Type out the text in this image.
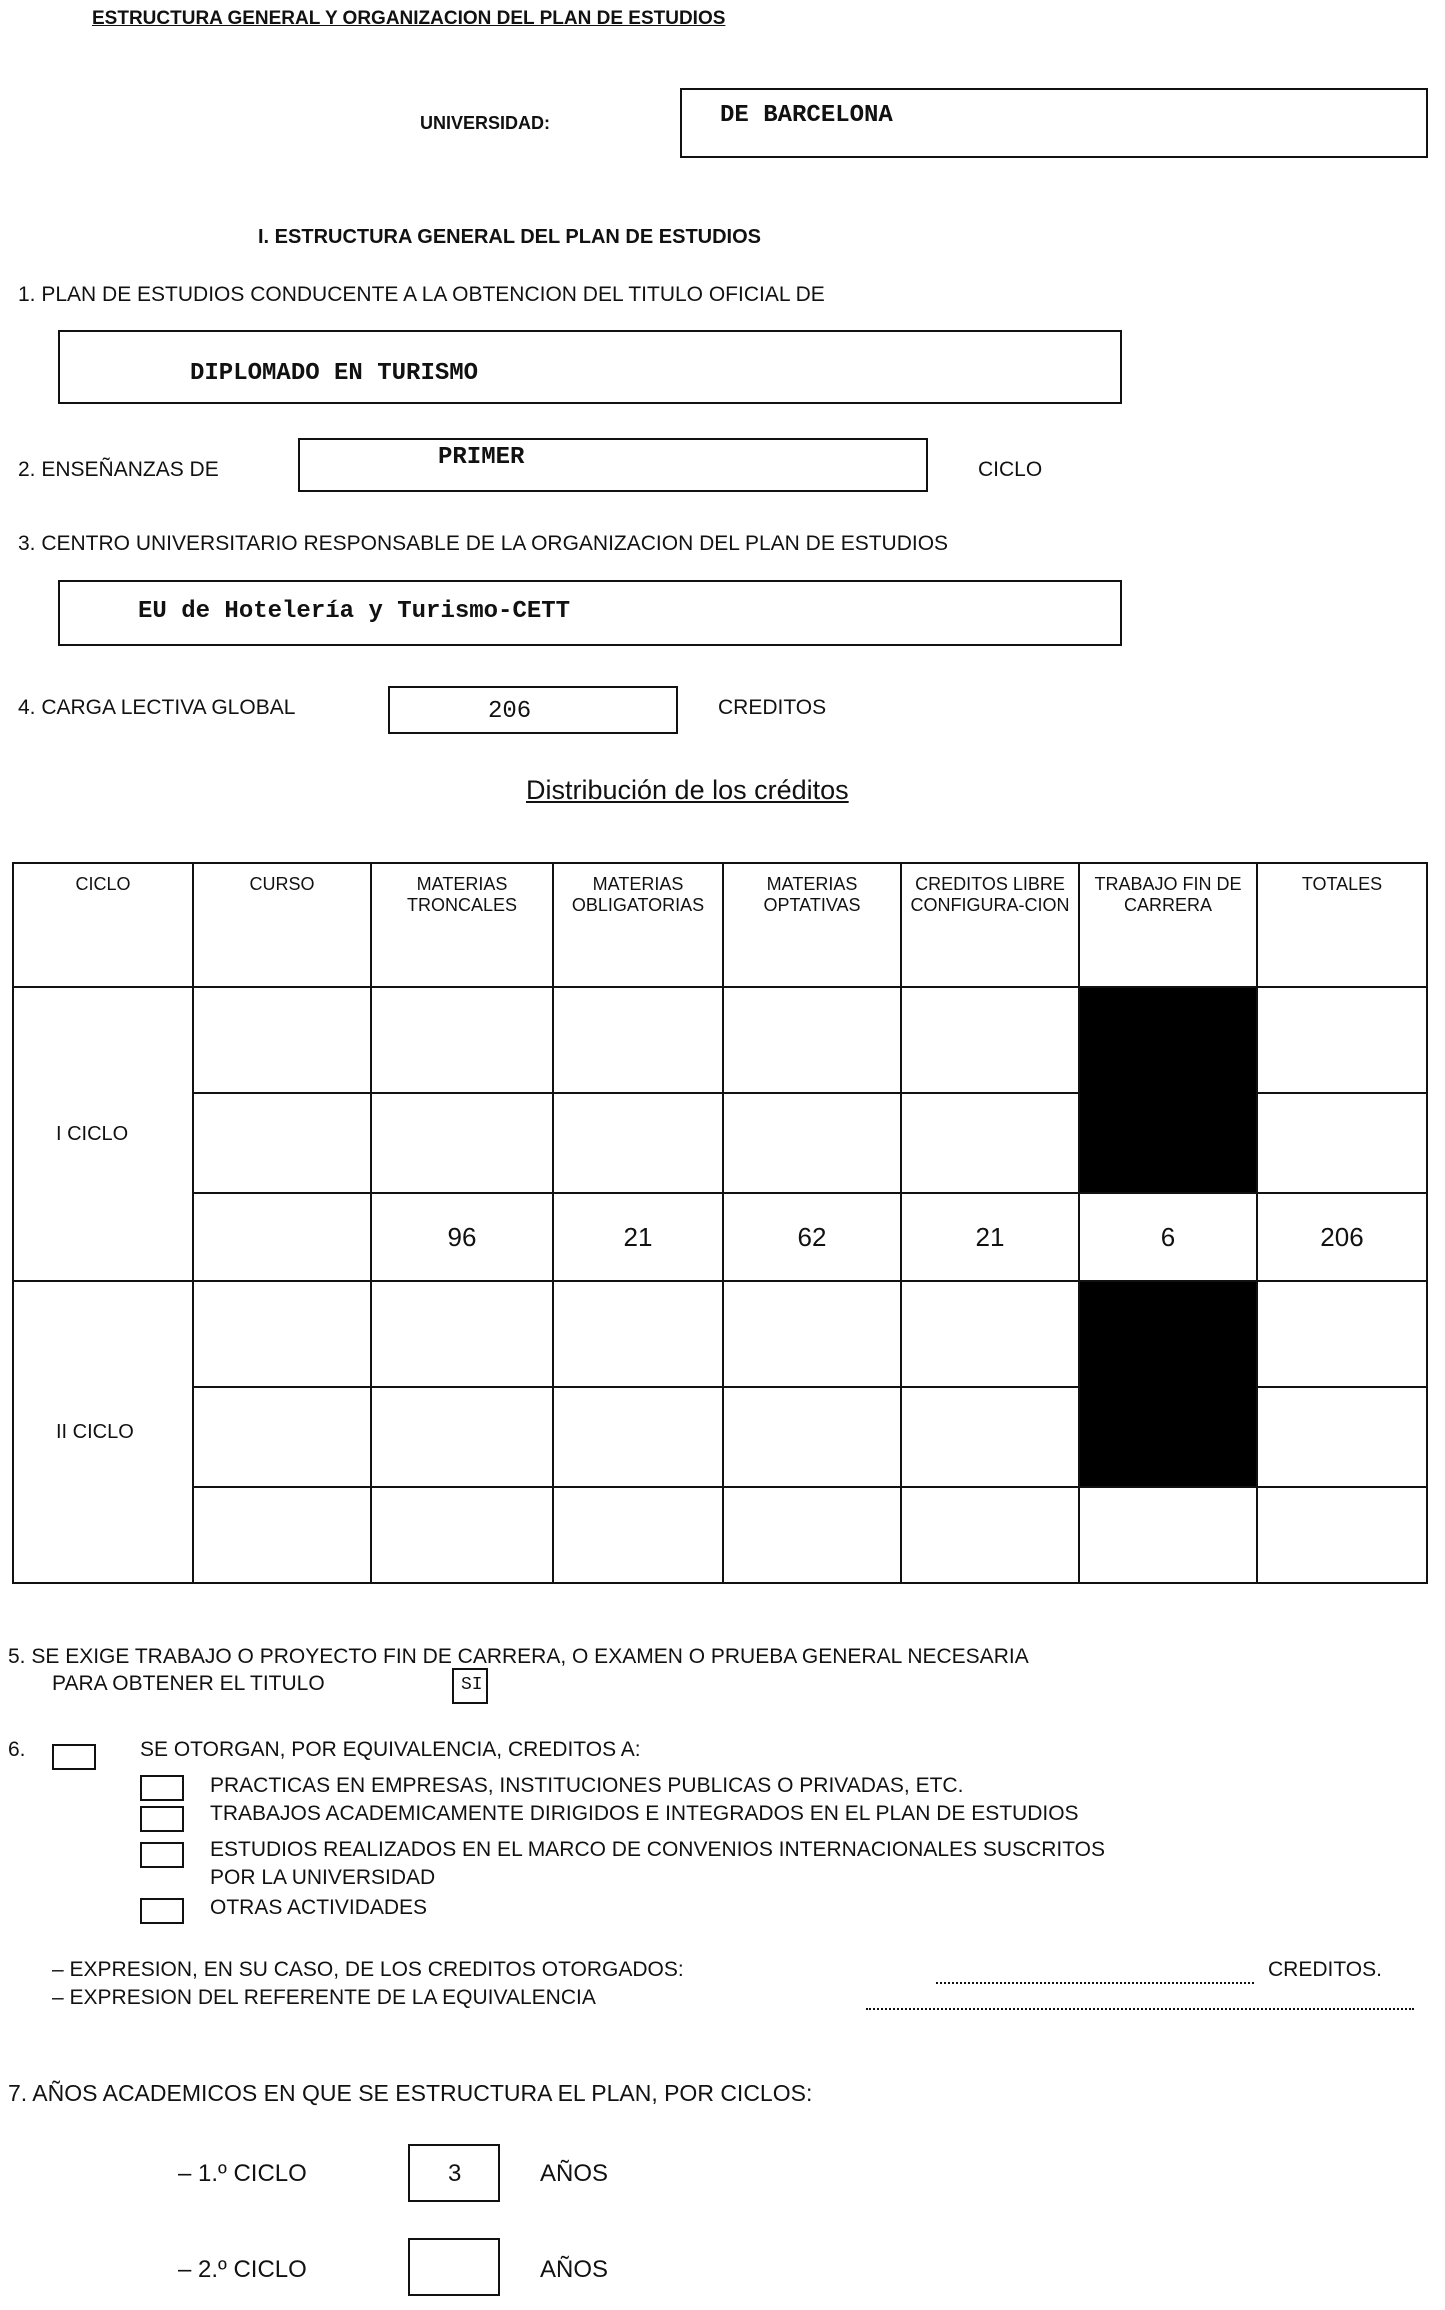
ESTRUCTURA GENERAL Y ORGANIZACION DEL PLAN DE ESTUDIOS
UNIVERSIDAD:	DE BARCELONA
I. ESTRUCTURA GENERAL DEL PLAN DE ESTUDIOS
1. PLAN DE ESTUDIOS CONDUCENTE A LA OBTENCION DEL TITULO OFICIAL DE
DIPLOMADO EN TURISMO
2. ENSEÑANZAS DE	PRIMER	CICLO
3. CENTRO UNIVERSITARIO RESPONSABLE DE LA ORGANIZACION DEL PLAN DE ESTUDIOS
EU de Hotelería y Turismo-CETT
4. CARGA LECTIVA GLOBAL	206	CREDITOS
Distribución de los créditos
CICLO	CURSO	MATERIAS TRONCALES	MATERIAS OBLIGATORIAS	MATERIAS OPTATIVAS	CREDITOS LIBRE CONFIGURA-CION	TRABAJO FIN DE CARRERA	TOTALES
I CICLO							

		96	21	62	21	6	206
II CICLO							

5. SE EXIGE TRABAJO O PROYECTO FIN DE CARRERA, O EXAMEN O PRUEBA GENERAL NECESARIA
PARA OBTENER EL TITULO	SI
6.	SE OTORGAN, POR EQUIVALENCIA, CREDITOS A:
PRACTICAS EN EMPRESAS, INSTITUCIONES PUBLICAS O PRIVADAS, ETC.
TRABAJOS ACADEMICAMENTE DIRIGIDOS E INTEGRADOS EN EL PLAN DE ESTUDIOS
ESTUDIOS REALIZADOS EN EL MARCO DE CONVENIOS INTERNACIONALES SUSCRITOS
POR LA UNIVERSIDAD
OTRAS ACTIVIDADES
– EXPRESION, EN SU CASO, DE LOS CREDITOS OTORGADOS:	CREDITOS.
– EXPRESION DEL REFERENTE DE LA EQUIVALENCIA
7. AÑOS ACADEMICOS EN QUE SE ESTRUCTURA EL PLAN, POR CICLOS:
– 1.º CICLO	3	AÑOS
– 2.º CICLO	AÑOS
